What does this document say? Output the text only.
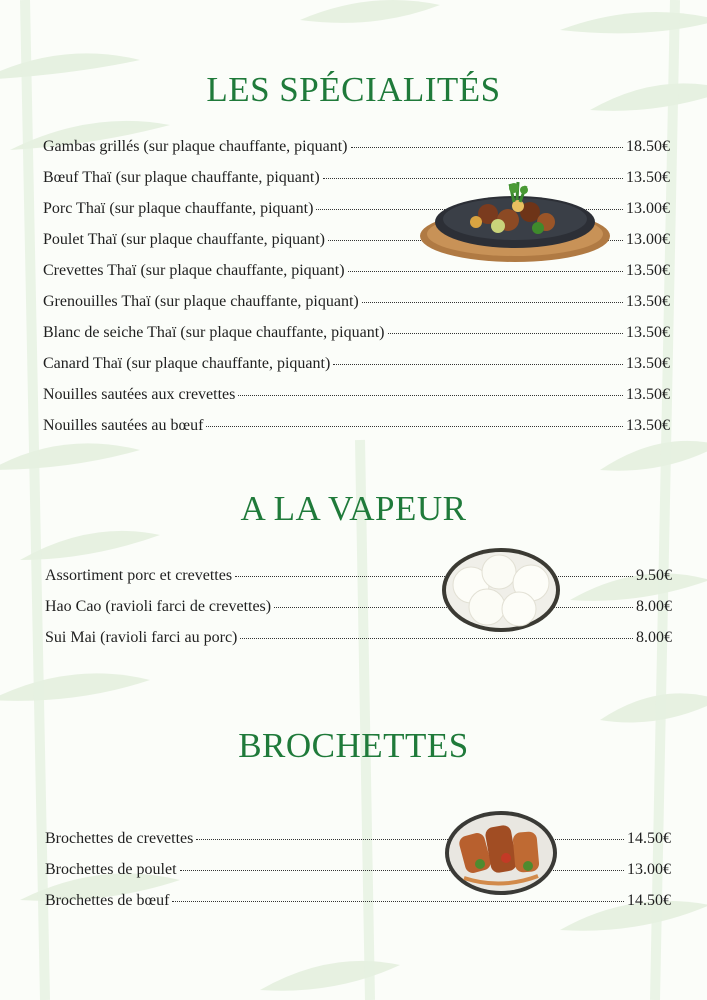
LES SPÉCIALITÉS
Gambas grillés (sur plaque chauffante, piquant)	18.50€
Bœuf Thaï (sur plaque chauffante, piquant)	13.50€
Porc Thaï (sur plaque chauffante, piquant)	13.00€
Poulet Thaï (sur plaque chauffante, piquant)	13.00€
Crevettes Thaï (sur plaque chauffante, piquant)	13.50€
Grenouilles Thaï (sur plaque chauffante, piquant)	13.50€
Blanc de seiche Thaï (sur plaque chauffante, piquant)	13.50€
Canard Thaï (sur plaque chauffante, piquant)	13.50€
Nouilles sautées aux crevettes	13.50€
Nouilles sautées au bœuf	13.50€
A LA VAPEUR
Assortiment porc et crevettes	9.50€
Hao Cao (ravioli farci de crevettes)	8.00€
Sui Mai (ravioli farci au porc)	8.00€
BROCHETTES
Brochettes de crevettes	14.50€
Brochettes de poulet	13.00€
Brochettes de bœuf	14.50€
